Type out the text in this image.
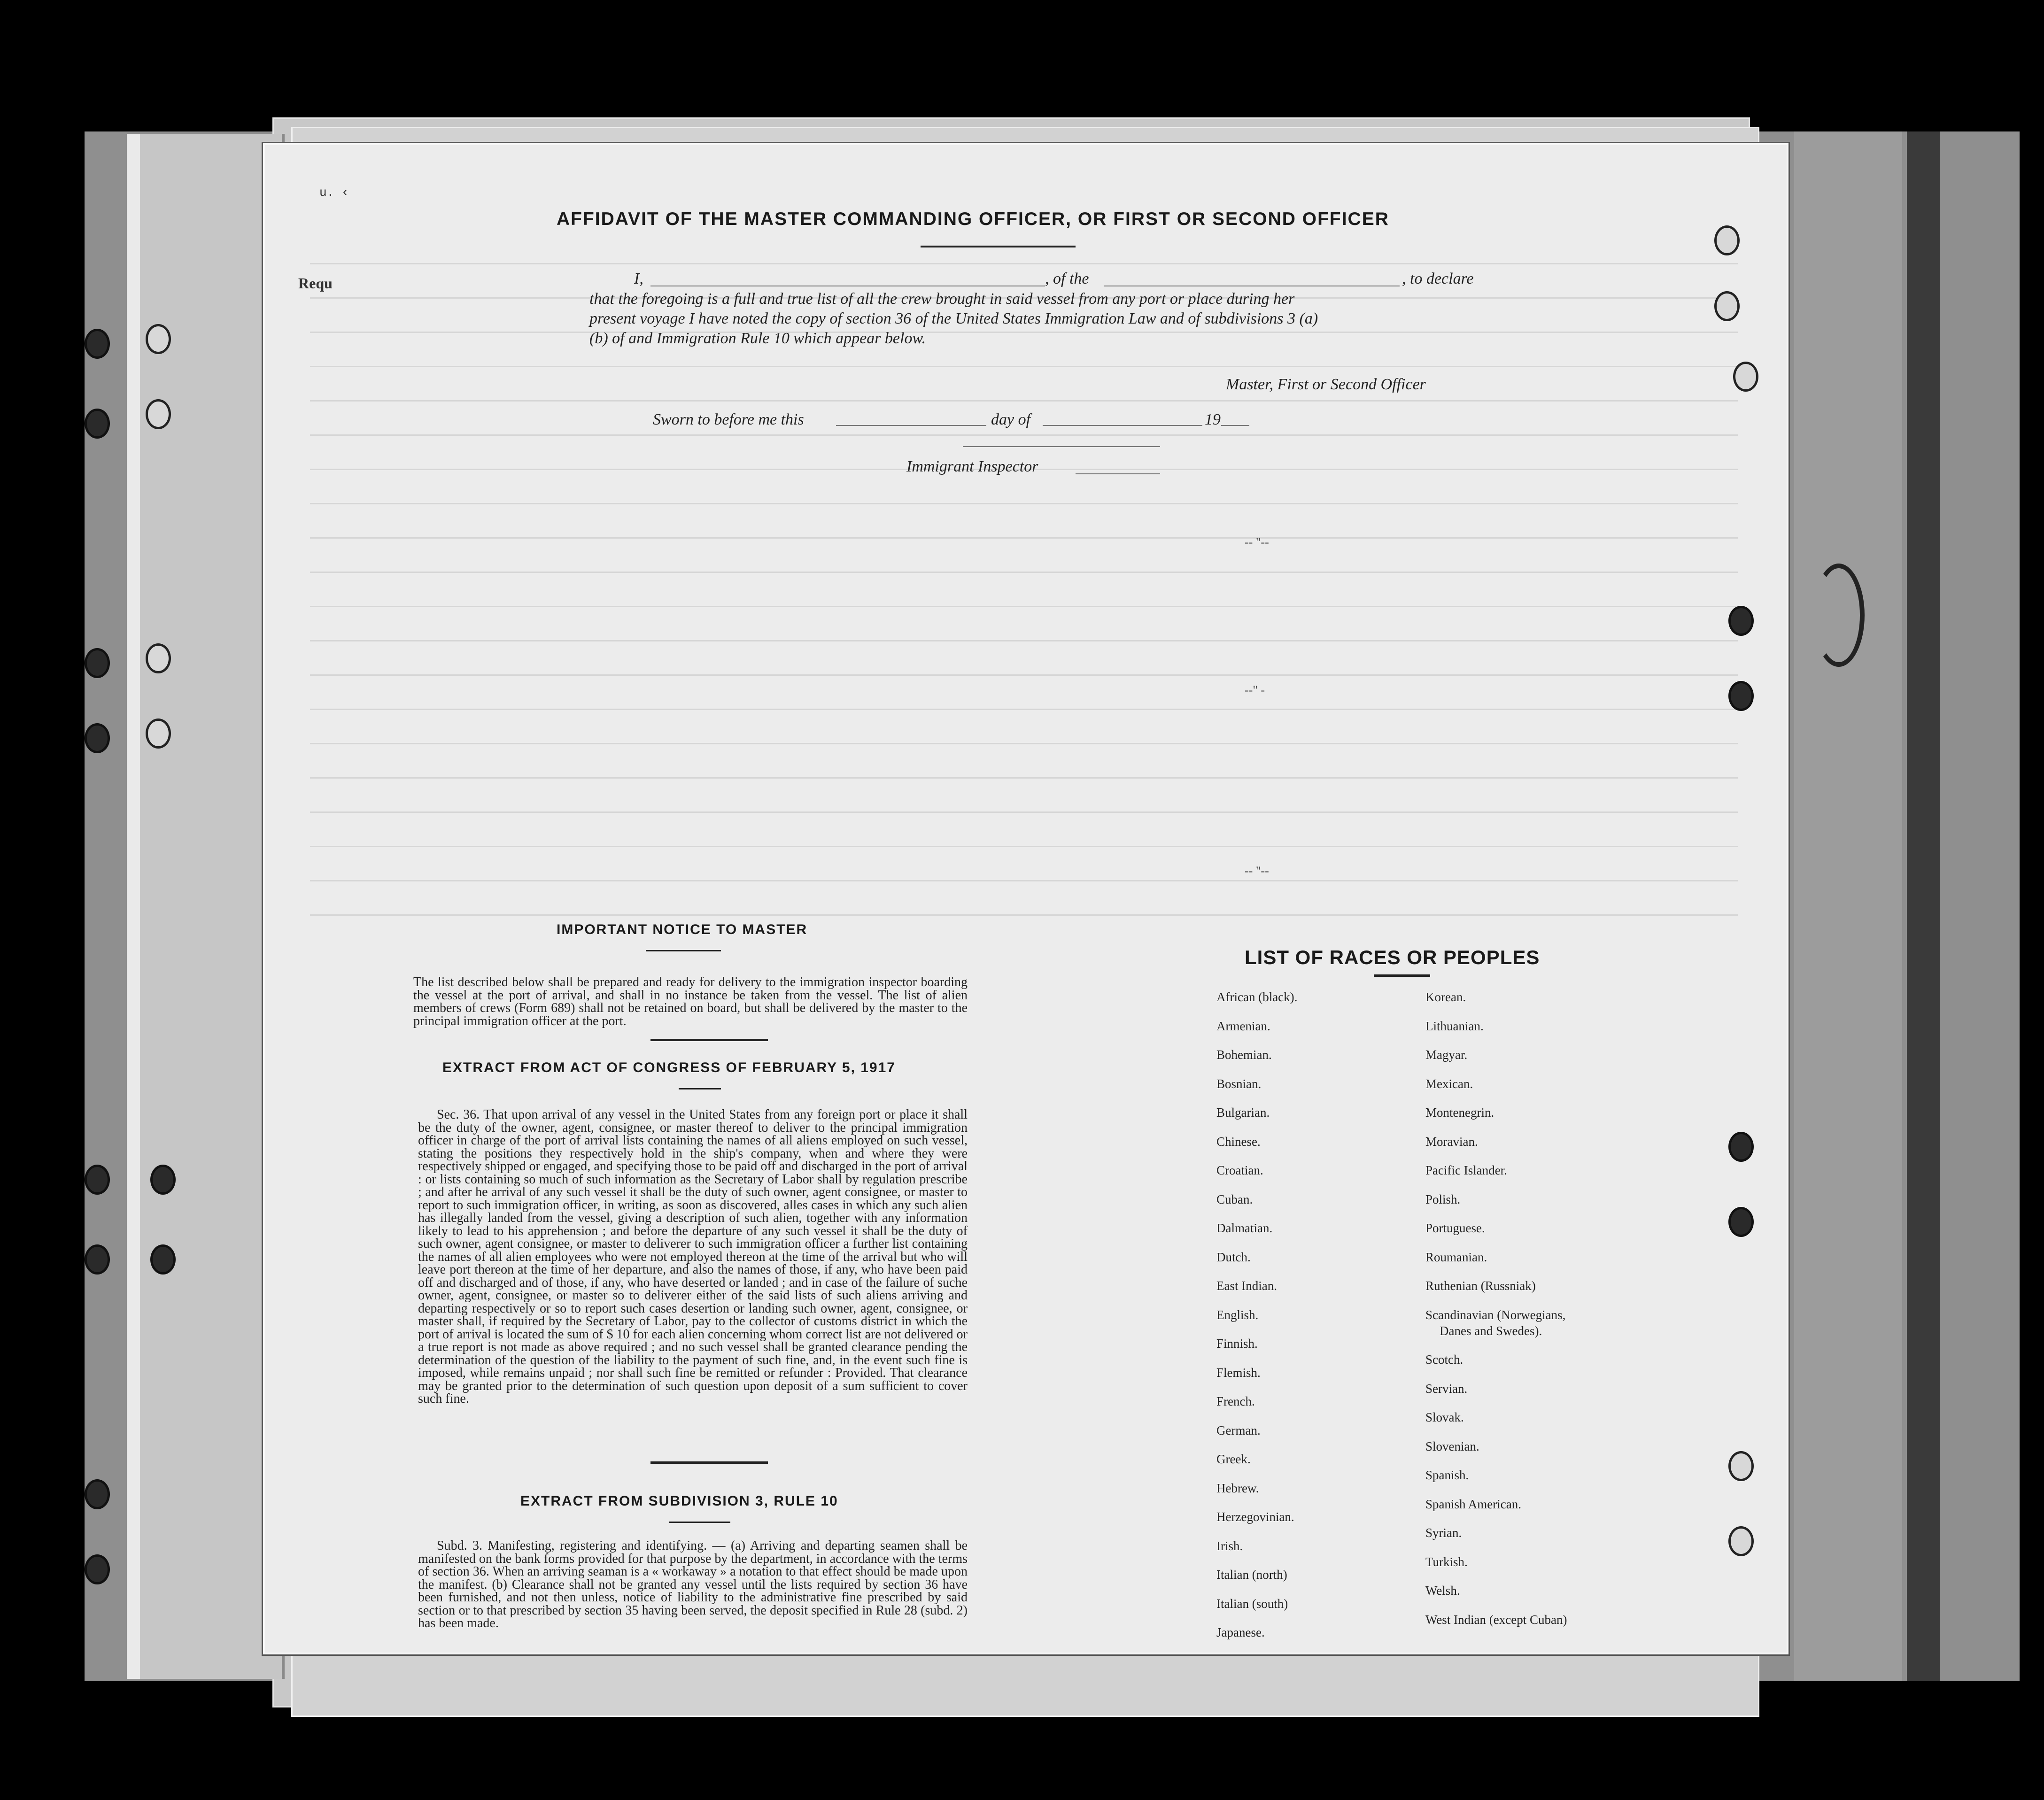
u. ‹
Requ
AFFIDAVIT OF THE MASTER COMMANDING OFFICER, OR FIRST OR SECOND OFFICER
I,	, of the	, to declare
that the foregoing is a full and true list of all the crew brought in said vessel from any port or place during her
present voyage I have noted the copy of section 36 of the United States Immigration Law and of subdivisions 3 (a)
(b) of and Immigration Rule 10 which appear below.
Master, First or Second Officer
Sworn to before me this	day of	19
Immigrant Inspector
-- "--
--" -
-- "--
IMPORTANT NOTICE TO MASTER
The list described below shall be prepared and ready for delivery to the immigration inspector boarding the vessel at the port of arrival, and shall in no instance be taken from the vessel. The list of alien members of crews (Form 689) shall not be retained on board, but shall be delivered by the master to the principal immigration officer at the port.
EXTRACT FROM ACT OF CONGRESS OF FEBRUARY 5, 1917
Sec. 36. That upon arrival of any vessel in the United States from any foreign port or place it shall be the duty of the owner, agent, consignee, or master thereof to deliver to the principal immigration officer in charge of the port of arrival lists containing the names of all aliens employed on such vessel, stating the positions they respectively hold in the ship's company, when and where they were respectively shipped or engaged, and specifying those to be paid off and discharged in the port of arrival : or lists containing so much of such information as the Secretary of Labor shall by regulation prescribe ; and after he arrival of any such vessel it shall be the duty of such owner, agent consignee, or master to report to such immigration officer, in writing, as soon as discovered, alles cases in which any such alien has illegally landed from the vessel, giving a description of such alien, together with any information likely to lead to his apprehension ; and before the departure of any such vessel it shall be the duty of such owner, agent consignee, or master to deliverer to such immigration officer a further list containing the names of all alien employees who were not employed thereon at the time of the arrival but who will leave port thereon at the time of her departure, and also the names of those, if any, who have been paid off and discharged and of those, if any, who have deserted or landed ; and in case of the failure of suche owner, agent, consignee, or master so to deliverer either of the said lists of such aliens arriving and departing respectively or so to report such cases desertion or landing such owner, agent, consignee, or master shall, if required by the Secretary of Labor, pay to the collector of customs district in which the port of arrival is located the sum of $ 10 for each alien concerning whom correct list are not delivered or a true report is not made as above required ; and no such vessel shall be granted clearance pending the determination of the question of the liability to the payment of such fine, and, in the event such fine is imposed, while remains unpaid ; nor shall such fine be remitted or refunder : Provided. That clearance may be granted prior to the determination of such question upon deposit of a sum sufficient to cover such fine.
EXTRACT FROM SUBDIVISION 3, RULE 10
Subd. 3. Manifesting, registering and identifying. — (a) Arriving and departing seamen shall be manifested on the bank forms provided for that purpose by the department, in accordance with the terms of section 36. When an arriving seaman is a « workaway » a notation to that effect should be made upon the manifest. (b) Clearance shall not be granted any vessel until the lists required by section 36 have been furnished, and not then unless, notice of liability to the administrative fine prescribed by said section or to that prescribed by section 35 having been served, the deposit specified in Rule 28 (subd. 2) has been made.
LIST OF RACES OR PEOPLES
African (black).
Armenian.
Bohemian.
Bosnian.
Bulgarian.
Chinese.
Croatian.
Cuban.
Dalmatian.
Dutch.
East Indian.
English.
Finnish.
Flemish.
French.
German.
Greek.
Hebrew.
Herzegovinian.
Irish.
Italian (north)
Italian (south)
Japanese.
Korean.
Lithuanian.
Magyar.
Mexican.
Montenegrin.
Moravian.
Pacific Islander.
Polish.
Portuguese.
Roumanian.
Ruthenian (Russniak)
Scandinavian (Norwegians,
Danes and Swedes).
Scotch.
Servian.
Slovak.
Slovenian.
Spanish.
Spanish American.
Syrian.
Turkish.
Welsh.
West Indian (except Cuban)
